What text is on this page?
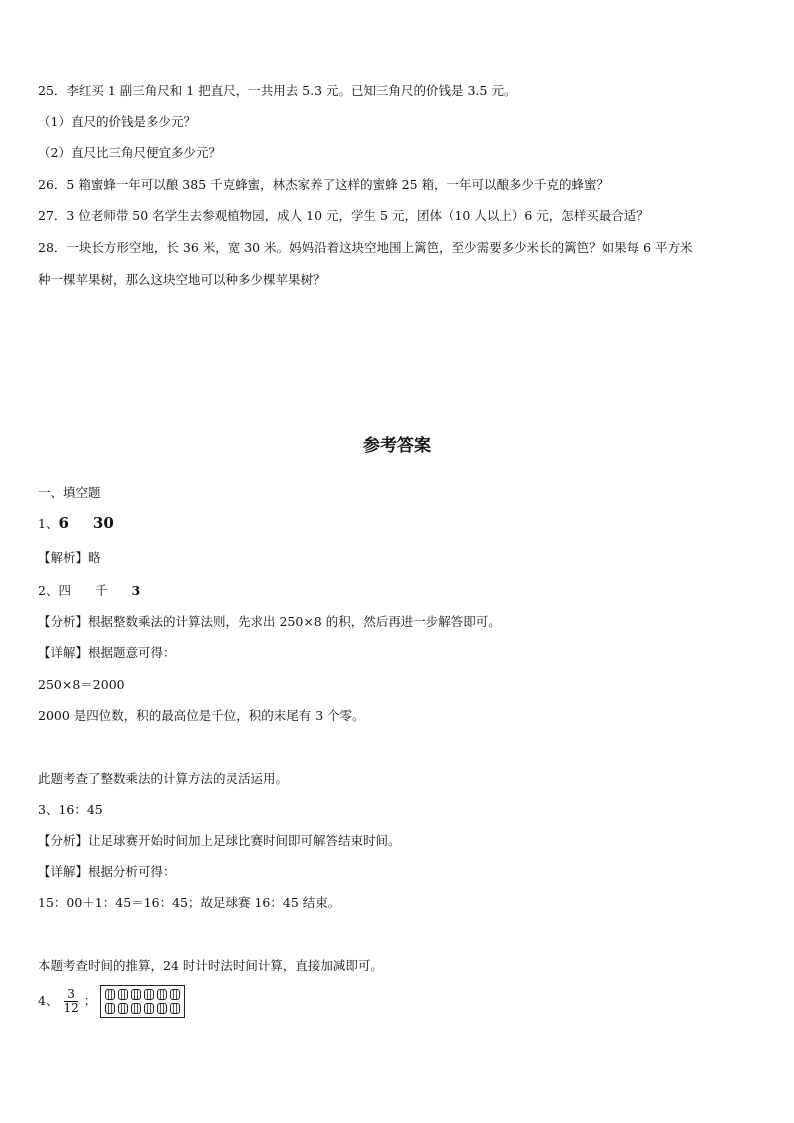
25．李红买 1 副三角尺和 1 把直尺，一共用去 5.3 元。已知三角尺的价钱是 3.5 元。
（1）直尺的价钱是多少元？
（2）直尺比三角尺便宜多少元？
26．5 箱蜜蜂一年可以酿 385 千克蜂蜜，林杰家养了这样的蜜蜂 25 箱，一年可以酿多少千克的蜂蜜？
27．3 位老师带 50 名学生去参观植物园，成人 10 元，学生 5 元，团体（10 人以上）6 元，怎样买最合适？
28．一块长方形空地，长 36 米，宽 30 米。妈妈沿着这块空地围上篱笆，至少需要多少米长的篱笆？如果每 6 平方米
种一棵苹果树，那么这块空地可以种多少棵苹果树？
参考答案
一、填空题
1、6 30
【解析】略
2、四 千 3
【分析】根据整数乘法的计算法则，先求出 250×8 的积，然后再进一步解答即可。
【详解】根据题意可得：
250×8＝2000
2000 是四位数，积的最高位是千位，积的末尾有 3 个零。
此题考查了整数乘法的计算方法的灵活运用。
3、16：45
【分析】让足球赛开始时间加上足球比赛时间即可解答结束时间。
【详解】根据分析可得：
15：00＋1：45＝16：45；故足球赛 16：45 结束。
本题考查时间的推算，24 时计时法时间计算，直接加减即可。
4、 $\frac{3}{12}$ ；
